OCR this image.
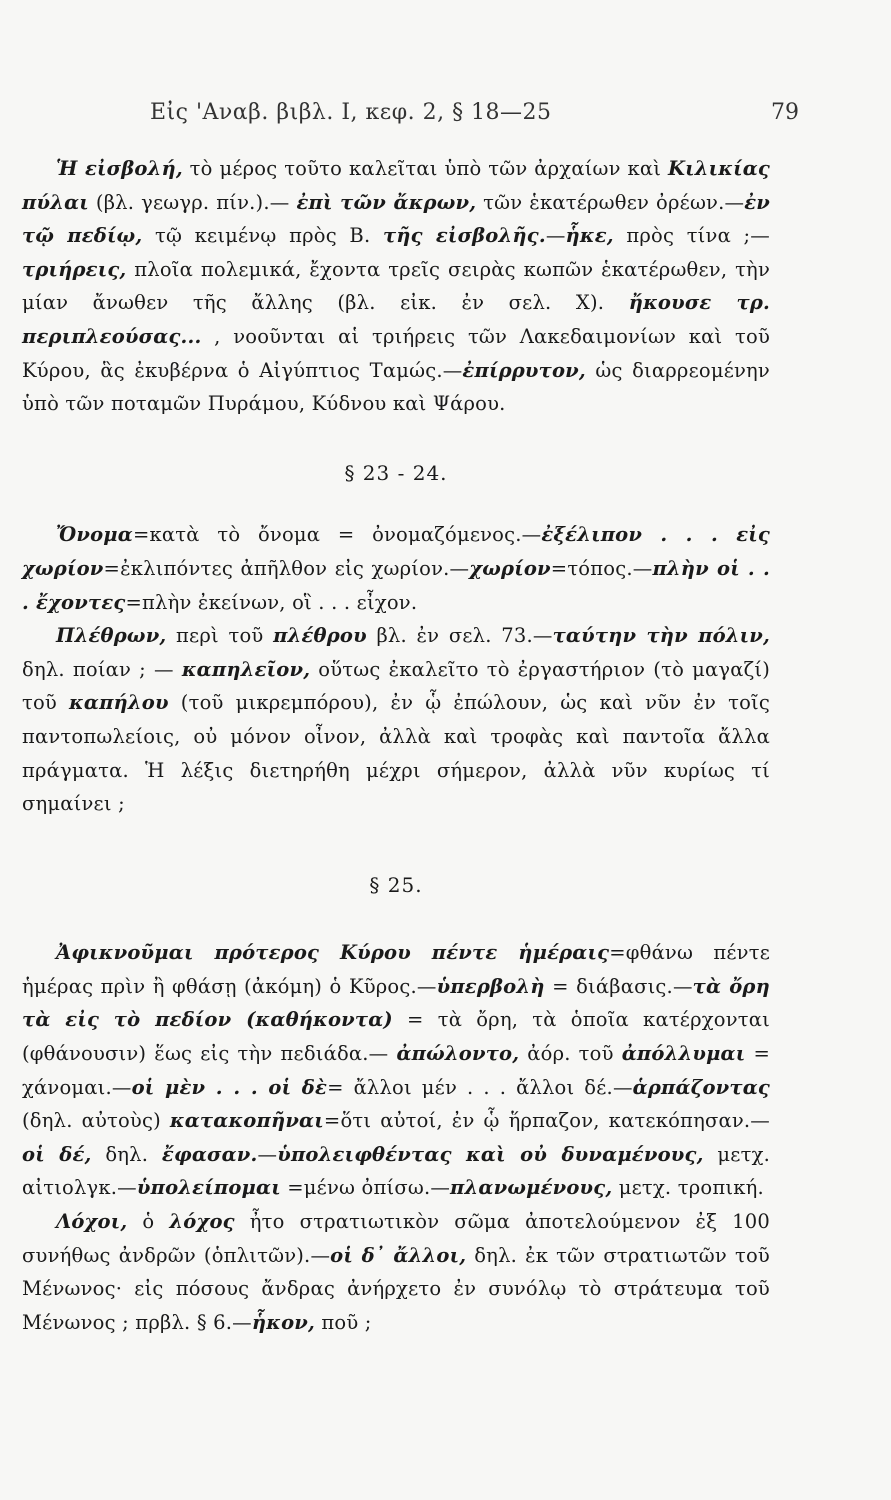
Εἰς 'Αναβ. βιβλ. I, κεφ. 2, § 18—25	79

Ἡ εἰσβολή, τὸ μέρος τοῦτο καλεῖται ὑπὸ τῶν ἀρχαίων καὶ Κιλικίας πύλαι (βλ. γεωγρ. πίν.).— ἐπὶ τῶν ἄκρων, τῶν ἑκατέρωθεν ὀρέων.—ἐν τῷ πεδίῳ, τῷ κειμένῳ πρὸς Β. τῆς εἰσβολῆς.—ἧκε, πρὸς τίνα ;—τριήρεις, πλοῖα πολεμικά, ἔχοντα τρεῖς σειρὰς κωπῶν ἑκατέρωθεν, τὴν μίαν ἄνωθεν τῆς ἄλλης (βλ. εἰκ. ἐν σελ. X). ἤκουσε τρ. περιπλεούσας... , νοοῦνται αἱ τριήρεις τῶν Λακεδαιμονίων καὶ τοῦ Κύρου, ἃς ἐκυβέρνα ὁ Αἰγύπτιος Ταμώς.—ἐπίρρυτον, ὡς διαρρεομένην ὑπὸ τῶν ποταμῶν Πυράμου, Κύδνου καὶ Ψάρου.

§ 23 - 24.

Ὄνομα=κατὰ τὸ ὄνομα = ὀνομαζόμενος.—ἐξέλιπον . . . εἰς χωρίον=ἐκλιπόντες ἀπῆλθον εἰς χωρίον.—χωρίον=τόπος.—πλὴν οἱ . . . ἔχοντες=πλὴν ἐκείνων, οἳ . . . εἶχον.

Πλέθρων, περὶ τοῦ πλέθρου βλ. ἐν σελ. 73.—ταύτην τὴν πόλιν, δηλ. ποίαν ; — καπηλεῖον, οὕτως ἐκαλεῖτο τὸ ἐργαστήριον (τὸ μαγαζί) τοῦ καπήλου (τοῦ μικρεμπόρου), ἐν ᾧ ἐπώλουν, ὡς καὶ νῦν ἐν τοῖς παντοπωλείοις, οὐ μόνον οἶνον, ἀλλὰ καὶ τροφὰς καὶ παντοῖα ἄλλα πράγματα. Ἡ λέξις διετηρήθη μέχρι σήμερον, ἀλλὰ νῦν κυρίως τί σημαίνει ;

§ 25.

Ἀφικνοῦμαι πρότερος Κύρου πέντε ἡμέραις=φθάνω πέντε ἡμέρας πρὶν ἢ φθάσῃ (ἀκόμη) ὁ Κῦρος.—ὑπερβολὴ = διάβασις.—τὰ ὄρη τὰ εἰς τὸ πεδίον (καθήκοντα) = τὰ ὄρη, τὰ ὁποῖα κατέρχονται (φθάνουσιν) ἕως εἰς τὴν πεδιάδα.— ἀπώλοντο, ἀόρ. τοῦ ἀπόλλυμαι = χάνομαι.—οἱ μὲν . . . οἱ δὲ= ἄλλοι μέν . . . ἄλλοι δέ.—ἁρπάζοντας (δηλ. αὐτοὺς) κατακοπῆναι=ὅτι αὐτοί, ἐν ᾧ ἥρπαζον, κατεκόπησαν.—οἱ δέ, δηλ. ἔφασαν.—ὑπολειφθέντας καὶ οὐ δυναμένους, μετχ. αἰτιολγκ.—ὑπολείπομαι =μένω ὀπίσω.—πλανωμένους, μετχ. τροπική.

Λόχοι, ὁ λόχος ἦτο στρατιωτικὸν σῶμα ἀποτελούμενον ἐξ 100 συνήθως ἀνδρῶν (ὁπλιτῶν).—οἱ δ᾿ ἄλλοι, δηλ. ἐκ τῶν στρατιωτῶν τοῦ Μένωνος· εἰς πόσους ἄνδρας ἀνήρχετο ἐν συνόλῳ τὸ στράτευμα τοῦ Μένωνος ; πρβλ. § 6.—ἧκον, ποῦ ;
